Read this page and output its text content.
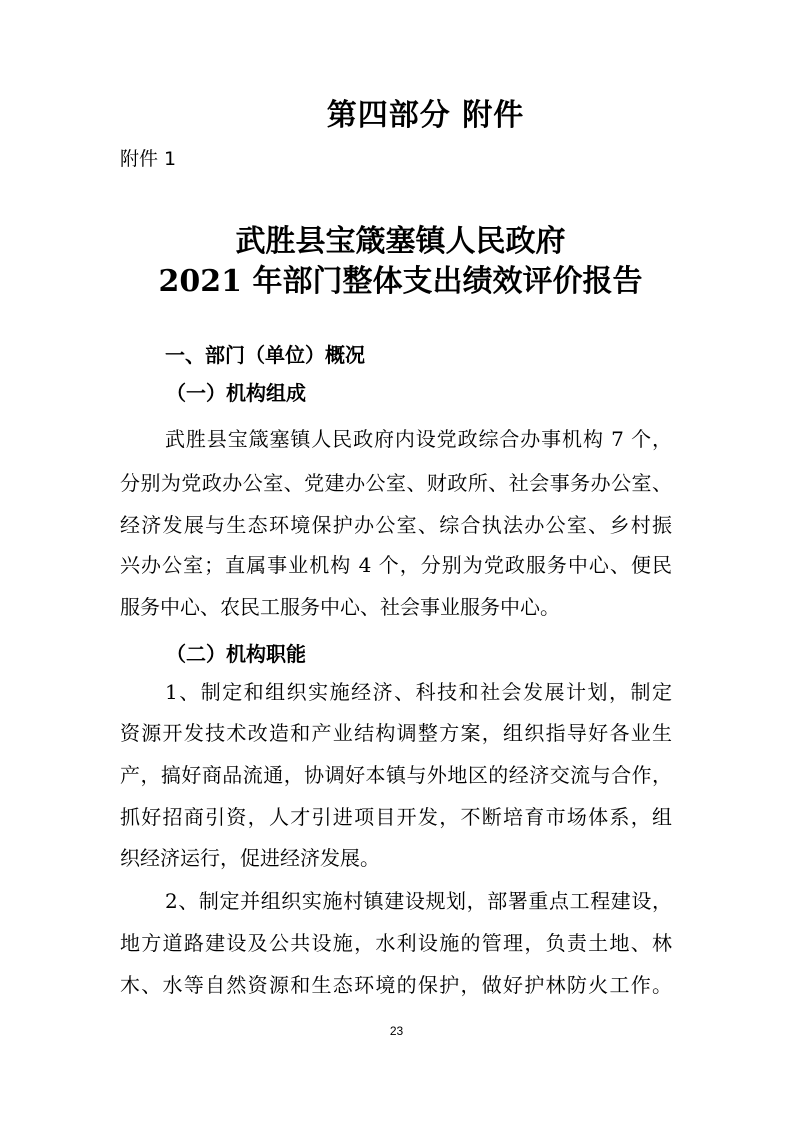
第四部分 附件
附件 1
武胜县宝箴塞镇人民政府
2021 年部门整体支出绩效评价报告
一、部门（单位）概况
（一）机构组成

武胜县宝箴塞镇人民政府内设党政综合办事机构 7 个，

分别为党政办公室、党建办公室、财政所、社会事务办公室、

经济发展与生态环境保护办公室、综合执法办公室、乡村振

兴办公室；直属事业机构 4 个，分别为党政服务中心、便民

服务中心、农民工服务中心、社会事业服务中心。

（二）机构职能

1、制定和组织实施经济、科技和社会发展计划，制定

资源开发技术改造和产业结构调整方案，组织指导好各业生

产，搞好商品流通，协调好本镇与外地区的经济交流与合作，

抓好招商引资，人才引进项目开发，不断培育市场体系，组

织经济运行，促进经济发展。

2、制定并组织实施村镇建设规划，部署重点工程建设，

地方道路建设及公共设施，水利设施的管理，负责土地、林

木、水等自然资源和生态环境的保护，做好护林防火工作。

23
